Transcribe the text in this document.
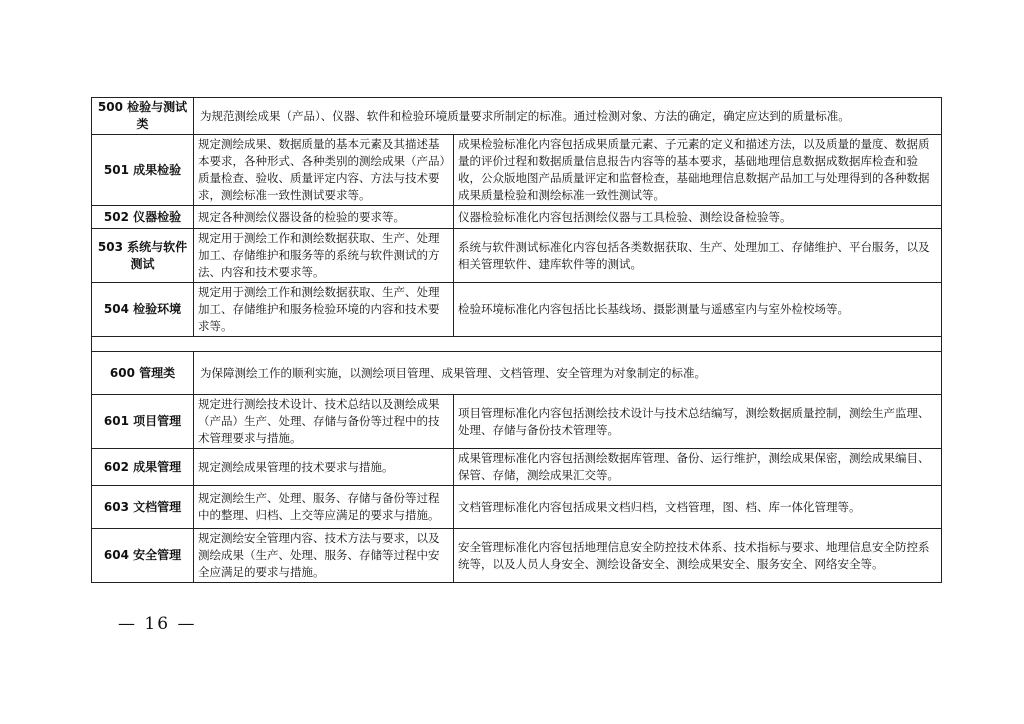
500 检验与测试类	为规范测绘成果（产品）、仪器、软件和检验环境质量要求所制定的标准。通过检测对象、方法的确定，确定应达到的质量标准。	
501 成果检验	规定测绘成果、数据质量的基本元素及其描述基本要求，各种形式、各种类别的测绘成果（产品）质量检查、验收、质量评定内容、方法与技术要求，测绘标准一致性测试要求等。	成果检验标准化内容包括成果质量元素、子元素的定义和描述方法，以及质量的量度、数据质量的评价过程和数据质量信息报告内容等的基本要求，基础地理信息数据成数据库检查和验收，公众版地图产品质量评定和监督检查，基础地理信息数据产品加工与处理得到的各种数据成果质量检验和测绘标准一致性测试等。
502 仪器检验	规定各种测绘仪器设备的检验的要求等。	仪器检验标准化内容包括测绘仪器与工具检验、测绘设备检验等。
503 系统与软件测试	规定用于测绘工作和测绘数据获取、生产、处理加工、存储维护和服务等的系统与软件测试的方法、内容和技术要求等。	系统与软件测试标准化内容包括各类数据获取、生产、处理加工、存储维护、平台服务，以及相关管理软件、建库软件等的测试。
504 检验环境	规定用于测绘工作和测绘数据获取、生产、处理加工、存储维护和服务检验环境的内容和技术要求等。	检验环境标准化内容包括比长基线场、摄影测量与遥感室内与室外检校场等。

600 管理类	为保障测绘工作的顺利实施，以测绘项目管理、成果管理、文档管理、安全管理为对象制定的标准。	
601 项目管理	规定进行测绘技术设计、技术总结以及测绘成果（产品）生产、处理、存储与备份等过程中的技术管理要求与措施。	项目管理标准化内容包括测绘技术设计与技术总结编写，测绘数据质量控制，测绘生产监理、处理、存储与备份技术管理等。
602 成果管理	规定测绘成果管理的技术要求与措施。	成果管理标准化内容包括测绘数据库管理、备份、运行维护，测绘成果保密，测绘成果编目、保管、存储，测绘成果汇交等。
603 文档管理	规定测绘生产、处理、服务、存储与备份等过程中的整理、归档、上交等应满足的要求与措施。	文档管理标准化内容包括成果文档归档，文档管理，图、档、库一体化管理等。
604 安全管理	规定测绘安全管理内容、技术方法与要求，以及测绘成果（生产、处理、服务、存储等过程中安全应满足的要求与措施。	安全管理标准化内容包括地理信息安全防控技术体系、技术指标与要求、地理信息安全防控系统等，以及人员人身安全、测绘设备安全、测绘成果安全、服务安全、网络安全等。
— 16 —
